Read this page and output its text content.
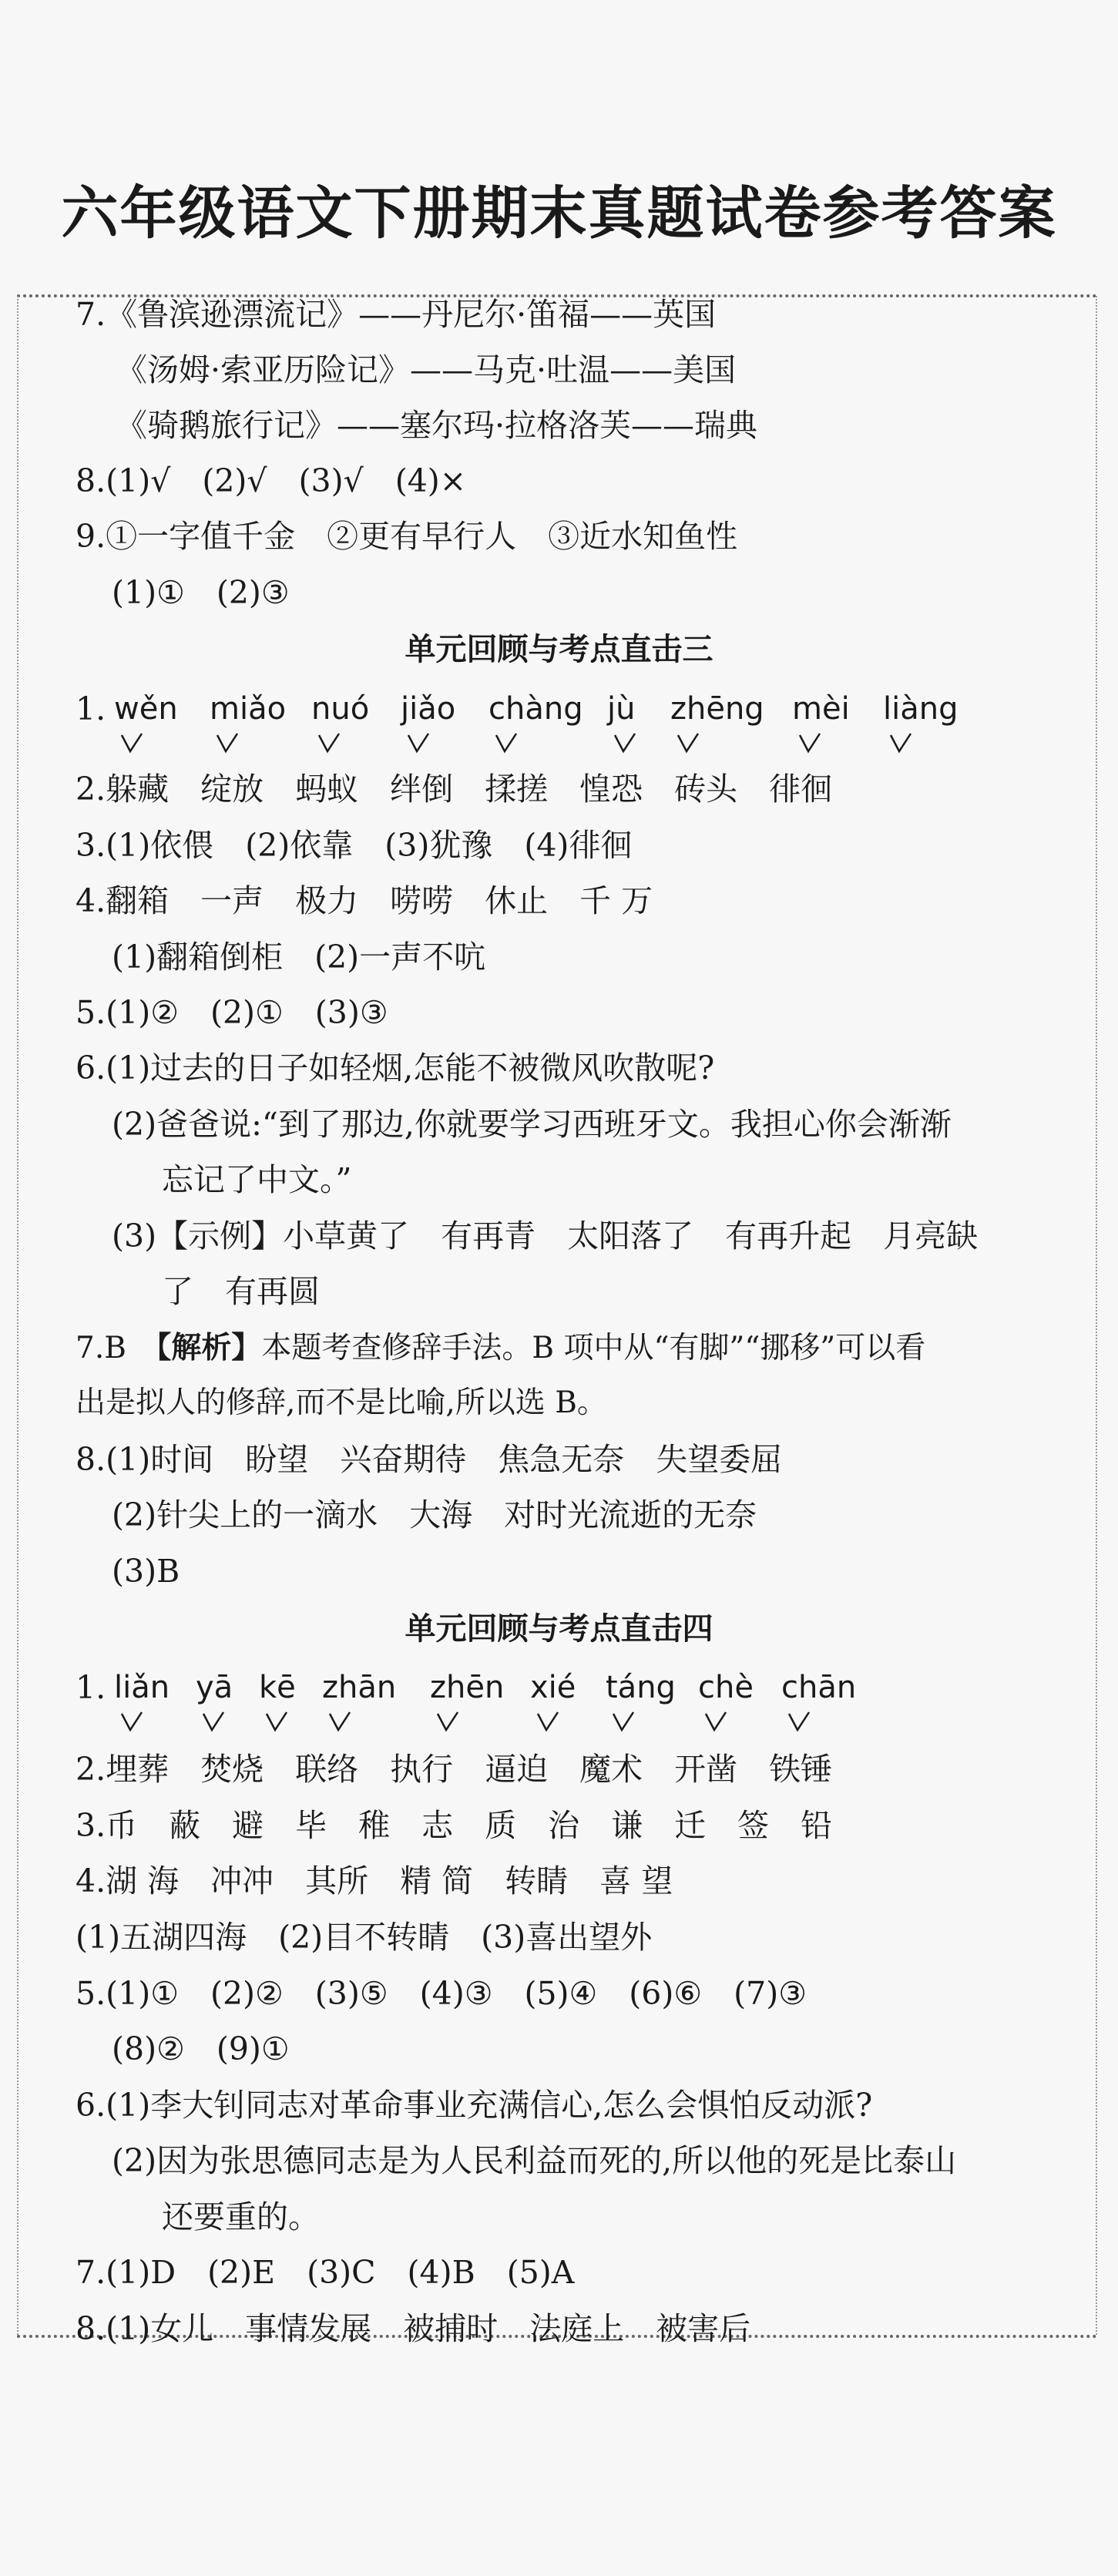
六年级语文下册期末真题试卷参考答案
7.《鲁滨逊漂流记》——丹尼尔·笛福——英国
《汤姆·索亚历险记》——马克·吐温——美国
《骑鹅旅行记》——塞尔玛·拉格洛芙——瑞典
8.(1)√　(2)√　(3)√　(4)×
9.①一字值千金　②更有早行人　③近水知鱼性
(1)①　(2)③
单元回顾与考点直击三
1. wěn miǎo nuó jiǎo chàng jù zhēng mèi liàng
2.躲藏　绽放　蚂蚁　绊倒　揉搓　惶恐　砖头　徘徊
3.(1)依偎　(2)依靠　(3)犹豫　(4)徘徊
4.翻箱　一声　极力　唠唠　休止　千 万
(1)翻箱倒柜　(2)一声不吭
5.(1)②　(2)①　(3)③
6.(1)过去的日子如轻烟,怎能不被微风吹散呢?
(2)爸爸说:“到了那边,你就要学习西班牙文。我担心你会渐渐
忘记了中文。”
(3)【示例】小草黄了　有再青　太阳落了　有再升起　月亮缺
了　有再圆
7.B　【解析】本题考查修辞手法。B 项中从“有脚”“挪移”可以看
出是拟人的修辞,而不是比喻,所以选 B。
8.(1)时间　盼望　兴奋期待　焦急无奈　失望委屈
(2)针尖上的一滴水　大海　对时光流逝的无奈
(3)B
单元回顾与考点直击四
1. liǎn yā kē zhān zhēn xié táng chè chān
2.埋葬　焚烧　联络　执行　逼迫　魔术　开凿　铁锤
3.币　蔽　避　毕　稚　志　质　治　谦　迁　签　铅
4.湖 海　冲冲　其所　精 简　转睛　喜 望
(1)五湖四海　(2)目不转睛　(3)喜出望外
5.(1)①　(2)②　(3)⑤　(4)③　(5)④　(6)⑥　(7)③
(8)②　(9)①
6.(1)李大钊同志对革命事业充满信心,怎么会惧怕反动派?
(2)因为张思德同志是为人民利益而死的,所以他的死是比泰山
还要重的。
7.(1)D　(2)E　(3)C　(4)B　(5)A
8.(1)女儿　事情发展　被捕时　法庭上　被害后
